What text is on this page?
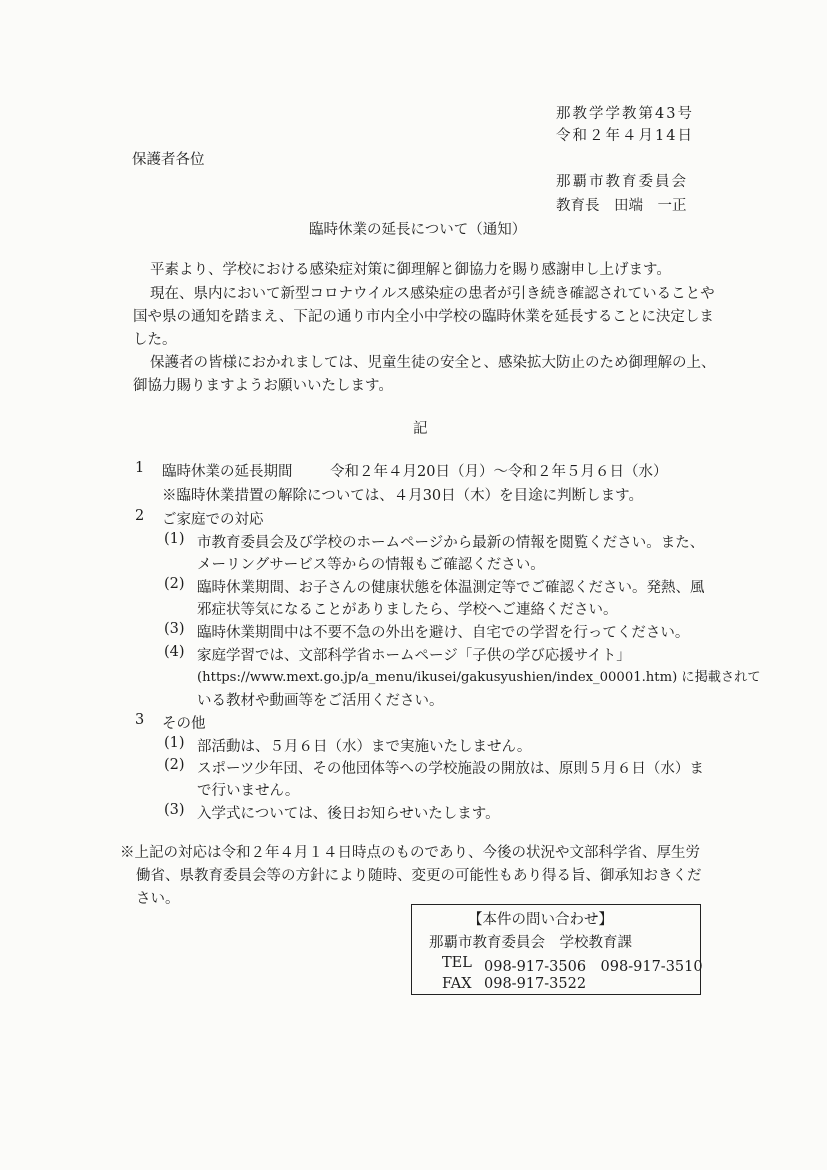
那教学学教第43号
令和２年４月14日
保護者各位
那覇市教育委員会
教育長　田端　一正
臨時休業の延長について（通知）
平素より、学校における感染症対策に御理解と御協力を賜り感謝申し上げます。
現在、県内において新型コロナウイルス感染症の患者が引き続き確認されていることや
国や県の通知を踏まえ、下記の通り市内全小中学校の臨時休業を延長することに決定しま
した。
保護者の皆様におかれましては、児童生徒の安全と、感染拡大防止のため御理解の上、
御協力賜りますようお願いいたします。
記
1 臨時休業の延長期間	令和２年４月20日（月）～令和２年５月６日（水）
※臨時休業措置の解除については、４月30日（木）を目途に判断します。
2 ご家庭での対応
(1) 市教育委員会及び学校のホームページから最新の情報を閲覧ください。また、
メーリングサービス等からの情報もご確認ください。
(2) 臨時休業期間、お子さんの健康状態を体温測定等でご確認ください。発熱、風
邪症状等気になることがありましたら、学校へご連絡ください。
(3) 臨時休業期間中は不要不急の外出を避け、自宅での学習を行ってください。
(4) 家庭学習では、文部科学省ホームページ「子供の学び応援サイト」
(https://www.mext.go.jp/a_menu/ikusei/gakusyushien/index_00001.htm) に掲載されて
いる教材や動画等をご活用ください。
3 その他
(1) 部活動は、５月６日（水）まで実施いたしません。
(2) スポーツ少年団、その他団体等への学校施設の開放は、原則５月６日（水）ま
で行いません。
(3) 入学式については、後日お知らせいたします。
※上記の対応は令和２年４月１４日時点のものであり、今後の状況や文部科学省、厚生労
働省、県教育委員会等の方針により随時、変更の可能性もあり得る旨、御承知おきくだ
さい。
【本件の問い合わせ】
那覇市教育委員会　学校教育課
TEL 098-917-3506　098-917-3510
FAX 098-917-3522
